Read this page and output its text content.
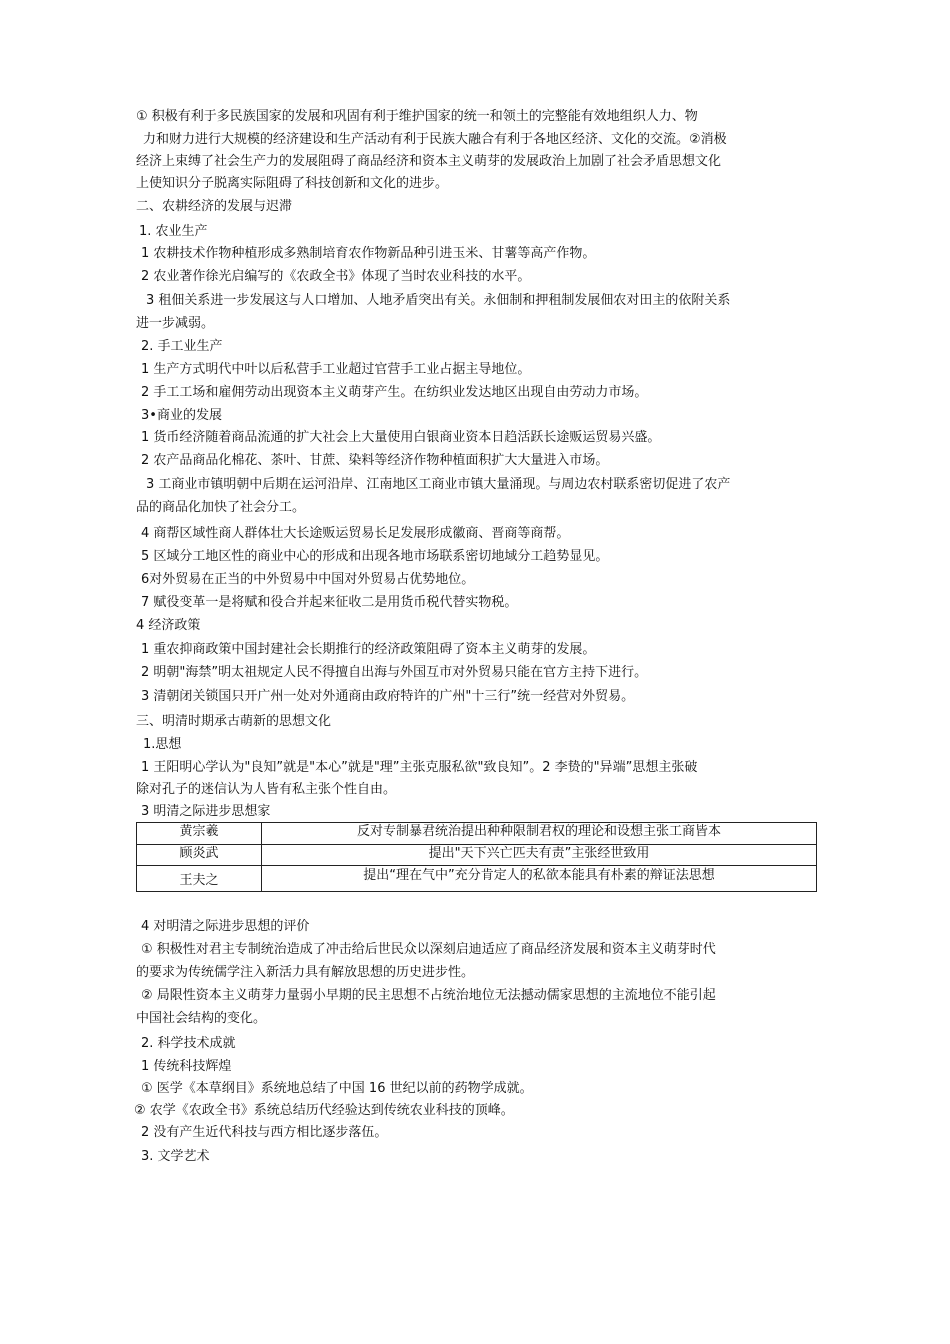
① 积极有利于多民族国家的发展和巩固有利于维护国家的统一和领土的完整能有效地组织人力、物
力和财力进行大规模的经济建设和生产活动有利于民族大融合有利于各地区经济、文化的交流。②消极
经济上束缚了社会生产力的发展阻碍了商品经济和资本主义萌芽的发展政治上加剧了社会矛盾思想文化
上使知识分子脱离实际阻碍了科技创新和文化的进步。
二、农耕经济的发展与迟滞
1. 农业生产
1 农耕技术作物种植形成多熟制培育农作物新品种引进玉米、甘薯等高产作物。
2 农业著作徐光启编写的《农政全书》体现了当时农业科技的水平。
3 租佃关系进一步发展这与人口增加、人地矛盾突出有关。永佃制和押租制发展佃农对田主的依附关系
进一步减弱。
2. 手工业生产
1 生产方式明代中叶以后私营手工业超过官营手工业占据主导地位。
2 手工工场和雇佣劳动出现资本主义萌芽产生。在纺织业发达地区出现自由劳动力市场。
3•商业的发展
1 货币经济随着商品流通的扩大社会上大量使用白银商业资本日趋活跃长途贩运贸易兴盛。
2 农产品商品化棉花、茶叶、甘蔗、染料等经济作物种植面积扩大大量进入市场。
3 工商业市镇明朝中后期在运河沿岸、江南地区工商业市镇大量涌现。与周边农村联系密切促进了农产
品的商品化加快了社会分工。
4 商帮区域性商人群体壮大长途贩运贸易长足发展形成徽商、晋商等商帮。
5 区域分工地区性的商业中心的形成和出现各地市场联系密切地域分工趋势显见。
6对外贸易在正当的中外贸易中中国对外贸易占优势地位。
7 赋役变革一是将赋和役合并起来征收二是用货币税代替实物税。
4 经济政策
1 重农抑商政策中国封建社会长期推行的经济政策阻碍了资本主义萌芽的发展。
2 明朝"海禁”明太祖规定人民不得擅自出海与外国互市对外贸易只能在官方主持下进行。
3 清朝闭关锁国只开广州一处对外通商由政府特许的广州"十三行”统一经营对外贸易。
三、明清时期承古萌新的思想文化
1.思想
1 王阳明心学认为"良知”就是"本心”就是"理”主张克服私欲"致良知”。2 李贽的"异端”思想主张破
除对孔子的迷信认为人皆有私主张个性自由。
3 明清之际进步思想家
黄宗羲	反对专制暴君统治提出种种限制君权的理论和设想主张工商皆本
顾炎武	提出"天下兴亡匹夫有责”主张经世致用
王夫之	提出“理在气中”充分肯定人的私欲本能具有朴素的辩证法思想
4 对明清之际进步思想的评价
① 积极性对君主专制统治造成了冲击给后世民众以深刻启迪适应了商品经济发展和资本主义萌芽时代
的要求为传统儒学注入新活力具有解放思想的历史进步性。
② 局限性资本主义萌芽力量弱小早期的民主思想不占统治地位无法撼动儒家思想的主流地位不能引起
中国社会结构的变化。
2. 科学技术成就
1 传统科技辉煌
① 医学《本草纲目》系统地总结了中国 16 世纪以前的药物学成就。
② 农学《农政全书》系统总结历代经验达到传统农业科技的顶峰。
2 没有产生近代科技与西方相比逐步落伍。
3. 文学艺术
